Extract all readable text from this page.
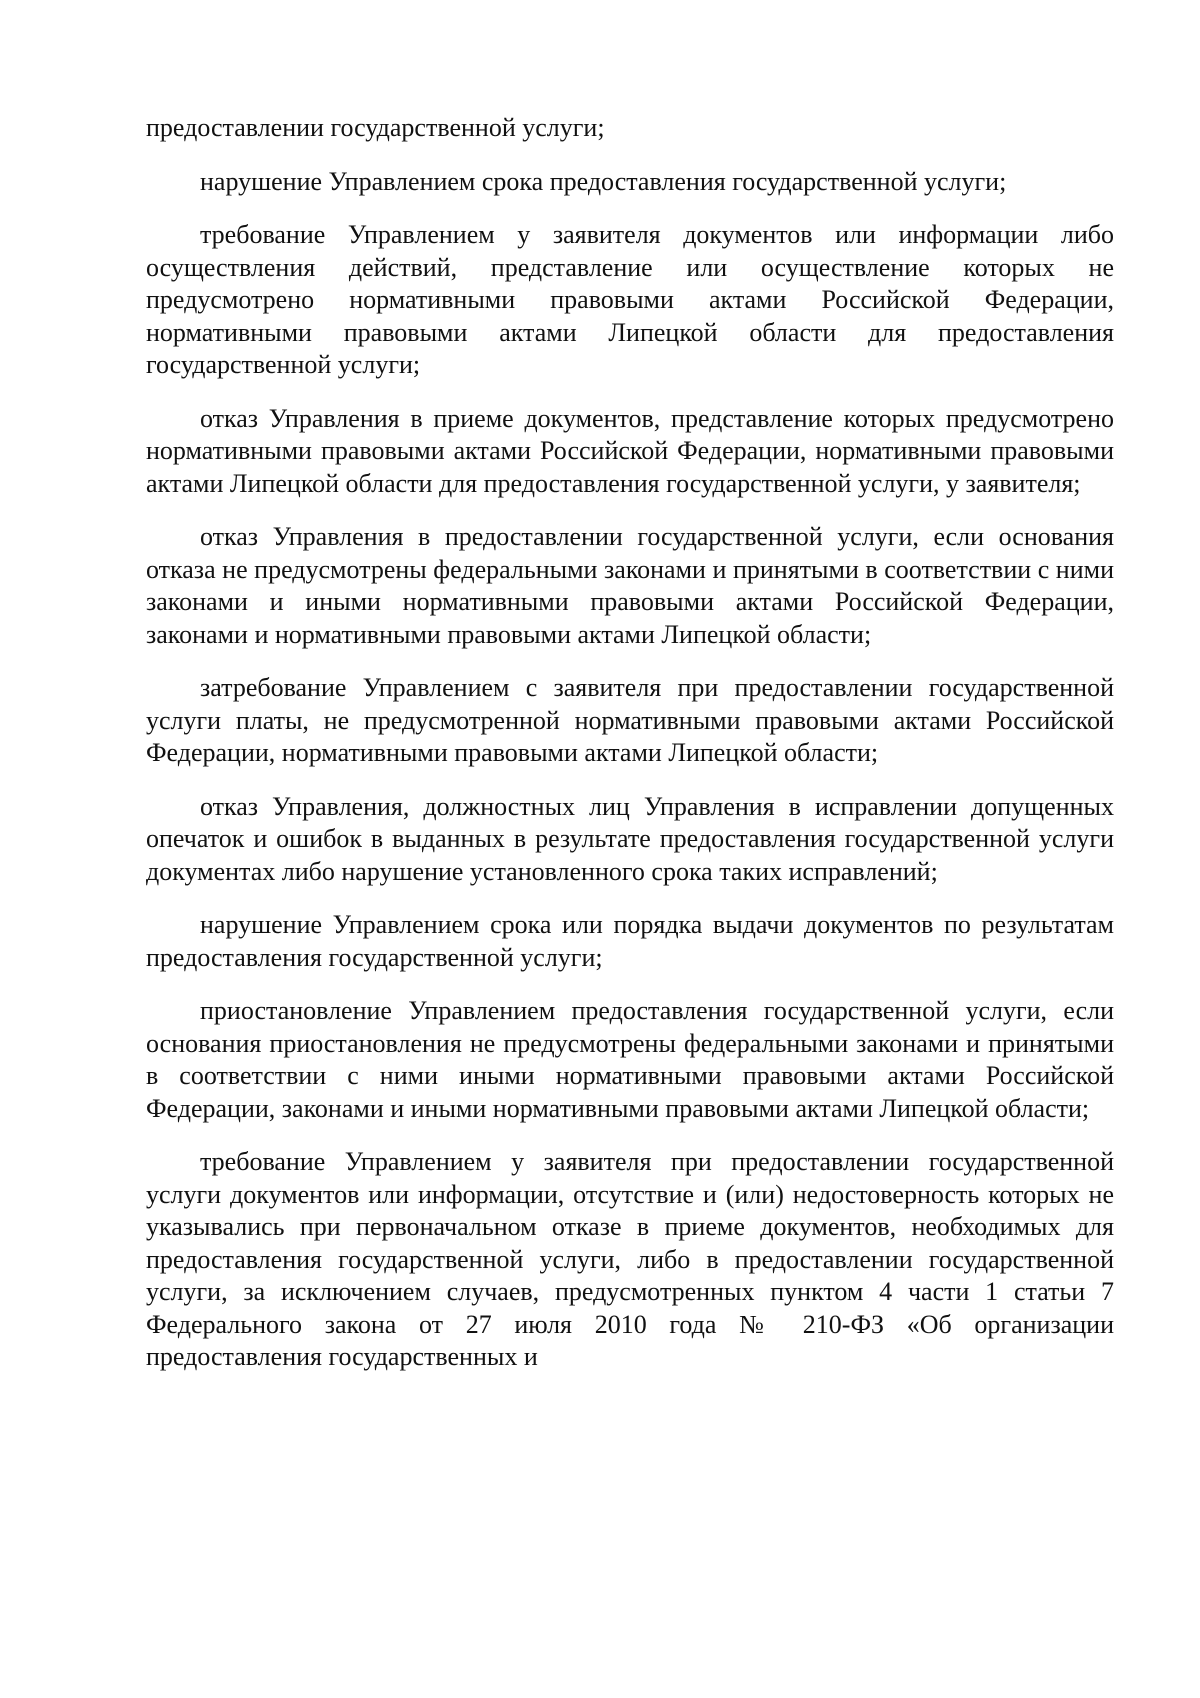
предоставлении государственной услуги;

нарушение Управлением срока предоставления государственной услуги;

требование Управлением у заявителя документов или информации либо осуществления действий, представление или осуществление которых не предусмотрено нормативными правовыми актами Российской Федерации, нормативными правовыми актами Липецкой области для предоставления государственной услуги;

отказ Управления в приеме документов, представление которых предусмотрено нормативными правовыми актами Российской Федерации, нормативными правовыми актами Липецкой области для предоставления государственной услуги, у заявителя;

отказ Управления в предоставлении государственной услуги, если основания отказа не предусмотрены федеральными законами и принятыми в соответствии с ними законами и иными нормативными правовыми актами Российской Федерации, законами и нормативными правовыми актами Липецкой области;

затребование Управлением с заявителя при предоставлении государственной услуги платы, не предусмотренной нормативными правовыми актами Российской Федерации, нормативными правовыми актами Липецкой области;

отказ Управления, должностных лиц Управления в исправлении допущенных опечаток и ошибок в выданных в результате предоставления государственной услуги документах либо нарушение установленного срока таких исправлений;

нарушение Управлением срока или порядка выдачи документов по результатам предоставления государственной услуги;

приостановление Управлением предоставления государственной услуги, если основания приостановления не предусмотрены федеральными законами и принятыми в соответствии с ними иными нормативными правовыми актами Российской Федерации, законами и иными нормативными правовыми актами Липецкой области;

требование Управлением у заявителя при предоставлении государственной услуги документов или информации, отсутствие и (или) недостоверность которых не указывались при первоначальном отказе в приеме документов, необходимых для предоставления государственной услуги, либо в предоставлении государственной услуги, за исключением случаев, предусмотренных пунктом 4 части 1 статьи 7 Федерального закона от 27 июля 2010 года № 210-ФЗ «Об организации предоставления государственных и
